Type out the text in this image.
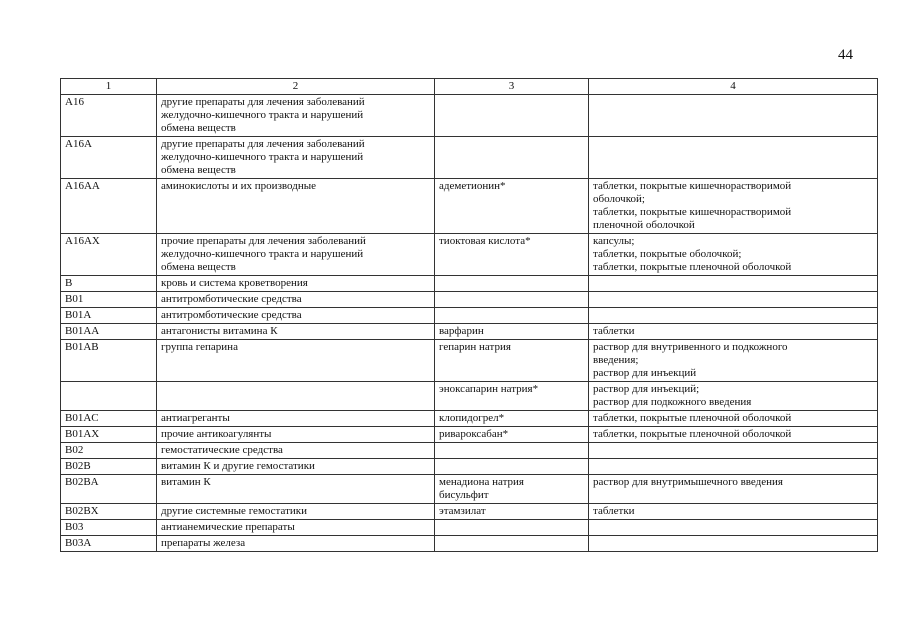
44
1	2	3	4
A16	другие препараты для лечения заболеваний
желудочно-кишечного тракта и нарушений
обмена веществ		

A16A	другие препараты для лечения заболеваний
желудочно-кишечного тракта и нарушений
обмена веществ		

A16AA	аминокислоты и их производные	адеметионин*	таблетки, покрытые кишечнорастворимой
оболочкой;
таблетки, покрытые кишечнорастворимой
пленочной оболочкой

A16AX	прочие препараты для лечения заболеваний
желудочно-кишечного тракта и нарушений
обмена веществ	тиоктовая кислота*	капсулы;
таблетки, покрытые оболочкой;
таблетки, покрытые пленочной оболочкой

B	кровь и система кроветворения		

B01	антитромботические средства		

B01A	антитромботические средства		

B01AA	антагонисты витамина К	варфарин	таблетки

B01AB	группа гепарина	гепарин натрия	раствор для внутривенного и подкожного
введения;
раствор для инъекций

		эноксапарин натрия*	раствор для инъекций;
раствор для подкожного введения

B01AC	антиагреганты	клопидогрел*	таблетки, покрытые пленочной оболочкой

B01AX	прочие антикоагулянты	ривароксабан*	таблетки, покрытые пленочной оболочкой

B02	гемостатические средства		

B02B	витамин К и другие гемостатики		

B02BA	витамин К	менадиона натрия
бисульфит	раствор для внутримышечного введения

B02BX	другие системные гемостатики	этамзилат	таблетки

B03	антианемические препараты		

B03A	препараты железа		
